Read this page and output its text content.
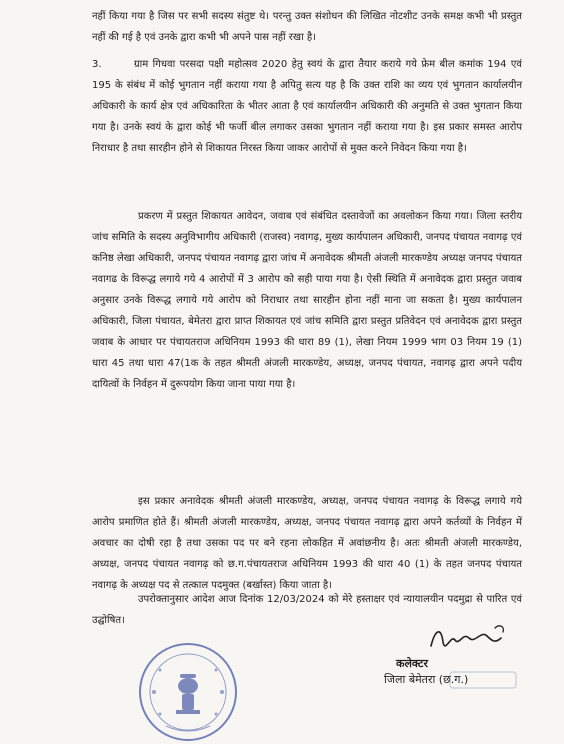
नहीं किया गया है जिस पर सभी सदस्य संतुष्ट थे। परन्तु उक्त संशोधन की लिखित नोटशीट उनके समक्ष कभी भी प्रस्तुत नहीं की गई है एवं उनके द्वारा कभी भी अपने पास नहीं रखा है।

3.	ग्राम गिधवा परसदा पक्षी महोत्सव 2020 हेतु स्वयं के द्वारा तैयार कराये गये फ्रेम बील कमांक 194 एवं 195 के संबंध में कोई भुगतान नहीं कराया गया है अपितु सत्य यह है कि उक्त राशि का व्यय एवं भुगतान कार्यालयीन अधिकारी के कार्य क्षेत्र एवं अधिकारिता के भीतर आता है एवं कार्यालयीन अधिकारी की अनुमति से उक्त भुगतान किया गया है। उनके स्वयं के द्वारा कोई भी फर्जी बील लगाकर उसका भुगतान नहीं कराया गया है। इस प्रकार समस्त आरोप निराधार है तथा सारहीन होने से शिकायत निरस्त किया जाकर आरोपों से मुक्त करने निवेदन किया गया है।

प्रकरण में प्रस्तुत शिकायत आवेदन, जवाब एवं संबंधित दस्तावेजों का अवलोकन किया गया। जिला स्तरीय जांच समिति के सदस्य अनुविभागीय अधिकारी (राजस्व) नवागढ़, मुख्य कार्यपालन अधिकारी, जनपद पंचायत नवागढ़ एवं कनिष्ठ लेखा अधिकारी, जनपद पंचायत नवागढ़ द्वारा जांच में अनावेदक श्रीमती अंजली मारकण्डेय अध्यक्ष जनपद पंचायत नवागढ के विरूद्ध लगाये गये 4 आरोपों में 3 आरोप को सही पाया गया है। ऐसी स्थिति में अनावेदक द्वारा प्रस्तुत जवाब अनुसार उनके विरूद्ध लगाये गये आरोप को निराधार तथा सारहीन होना नहीं माना जा सकता है। मुख्य कार्यपालन अधिकारी, जिला पंचायत, बेमेतरा द्वारा प्राप्त शिकायत एवं जांच समिति द्वारा प्रस्तुत प्रतिवेदन एवं अनावेदक द्वारा प्रस्तुत जवाब के आधार पर पंचायतराज अधिनियम 1993 की धारा 89 (1), लेखा नियम 1999 भाग 03 नियम 19 (1) धारा 45 तथा धारा 47(1क के तहत श्रीमती अंजली मारकण्डेय, अध्यक्ष, जनपद पंचायत, नवागढ़ द्वारा अपने पदीय दायित्वों के निर्वहन में दुरूपयोग किया जाना पाया गया है।

इस प्रकार अनावेदक श्रीमती अंजली मारकण्डेय, अध्यक्ष, जनपद पंचायत नवागढ़ के विरूद्ध लगाये गये आरोप प्रमाणित होते हैं। श्रीमती अंजली मारकण्डेय, अध्यक्ष, जनपद पंचायत नवागढ़ द्वारा अपने कर्तव्यों के निर्वहन में अवचार का दोषी रहा है तथा उसका पद पर बने रहना लोकहित में अवांछनीय है। अतः श्रीमती अंजली मारकण्डेय, अध्यक्ष, जनपद पंचायत नवागढ़ को छ.ग.पंचायतराज अधिनियम 1993 की धारा 40 (1) के तहत जनपद पंचायत नवागढ़ के अध्यक्ष पद से तत्काल पदमुक्त (बर्खास्त) किया जाता है।

उपरोक्तानुसार आदेश आज दिनांक 12/03/2024 को मेरे हस्ताक्षर एवं न्यायालयीन पदमुद्रा से पारित एवं उद्घोषित।

कलेक्टर
जिला बेमेतरा (छ.ग.)
